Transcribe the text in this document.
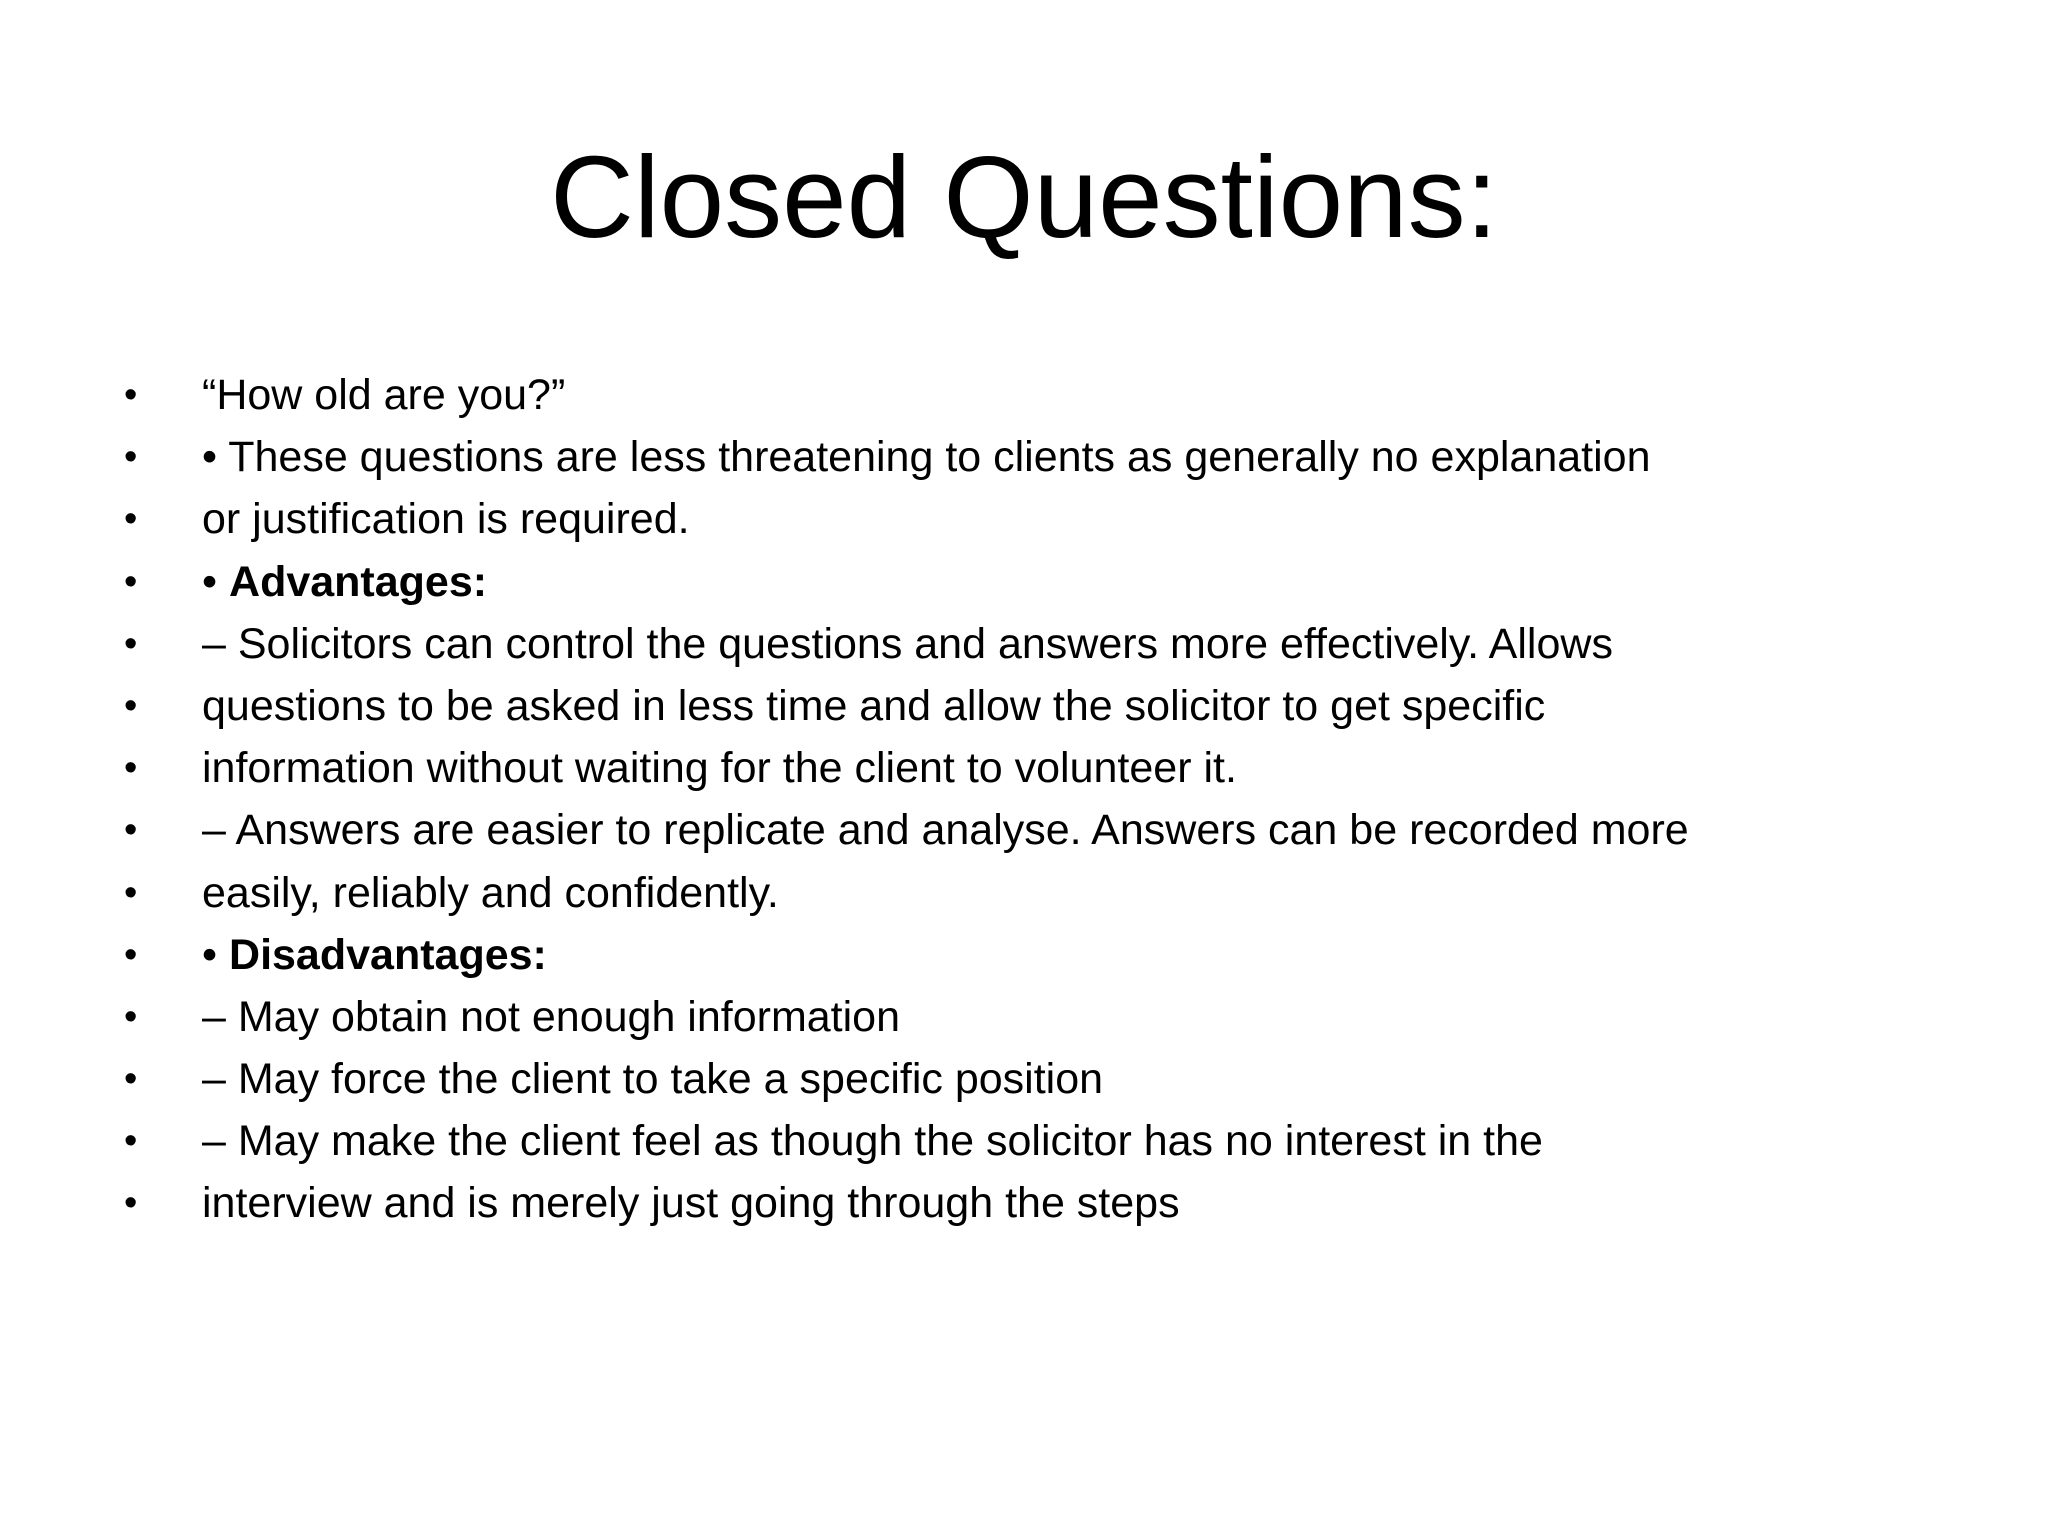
Closed Questions:
• “How old are you?”
• • These questions are less threatening to clients as generally no explanation
• or justification is required.
• • Advantages:
• – Solicitors can control the questions and answers more effectively. Allows
• questions to be asked in less time and allow the solicitor to get specific
• information without waiting for the client to volunteer it.
• – Answers are easier to replicate and analyse. Answers can be recorded more
• easily, reliably and confidently.
• • Disadvantages:
• – May obtain not enough information
• – May force the client to take a specific position
• – May make the client feel as though the solicitor has no interest in the
• interview and is merely just going through the steps
